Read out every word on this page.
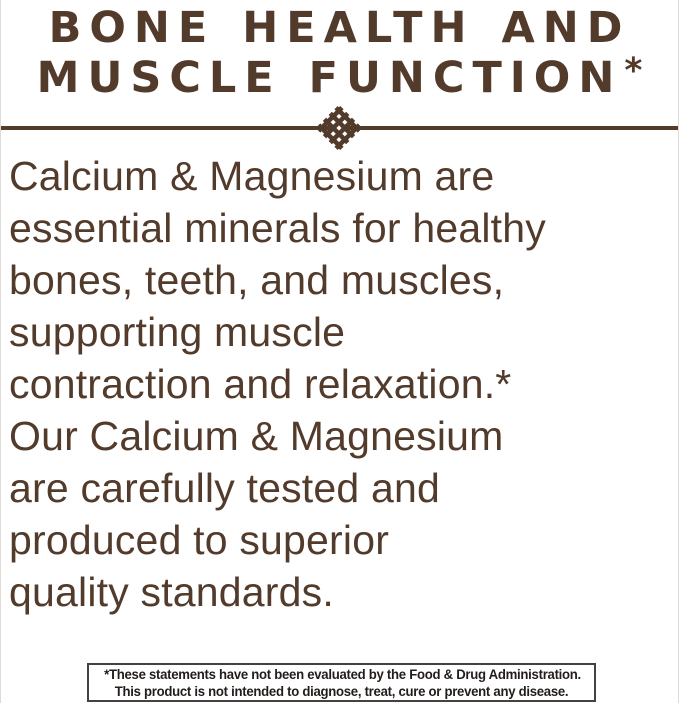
BONE HEALTH AND
MUSCLE FUNCTION*
Calcium & Magnesium are
essential minerals for healthy
bones, teeth, and muscles,
supporting muscle
contraction and relaxation.*
Our Calcium & Magnesium
are carefully tested and
produced to superior
quality standards.
*These statements have not been evaluated by the Food & Drug Administration.
This product is not intended to diagnose, treat, cure or prevent any disease.
